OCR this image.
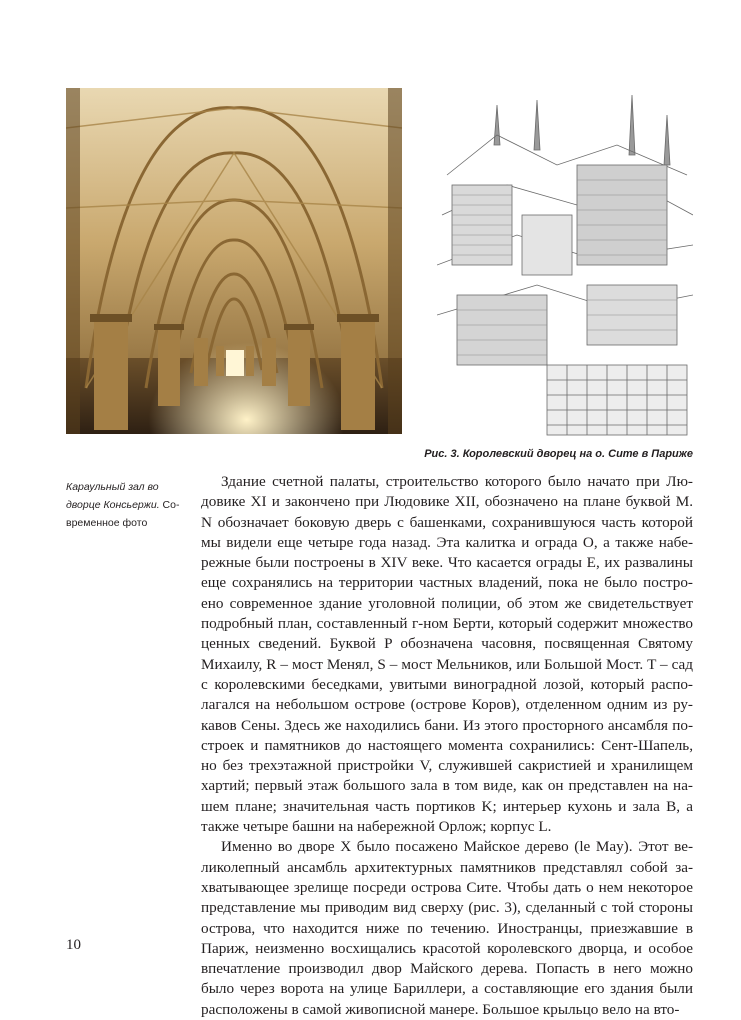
Рис. 3. Королевский дворец на о. Сите в Париже
Караульный зал во
дворце Консьержи. Со-
временное фото
Здание счетной палаты, строительство которого было начато при Лю-
довике XI и закончено при Людовике XII, обозначено на плане буквой M.
N обозначает боковую дверь с башенками, сохранившуюся часть которой
мы видели еще четыре года назад. Эта калитка и ограда O, а также набе-
режные были построены в XIV веке. Что касается ограды E, их развалины
еще сохранялись на территории частных владений, пока не было постро-
ено современное здание уголовной полиции, об этом же свидетельствует
подробный план, составленный г-ном Берти, который содержит множество
ценных сведений. Буквой P обозначена часовня, посвященная Святому
Михаилу, R – мост Менял, S – мост Мельников, или Большой Мост. T – сад
с королевскими беседками, увитыми виноградной лозой, который распо-
лагался на небольшом острове (острове Коров), отделенном одним из ру-
кавов Сены. Здесь же находились бани. Из этого просторного ансамбля по-
строек и памятников до настоящего момента сохранились: Сент-Шапель,
но без трехэтажной пристройки V, служившей сакристией и хранилищем
хартий; первый этаж большого зала в том виде, как он представлен на на-
шем плане; значительная часть портиков K; интерьер кухонь и зала B, а
также четыре башни на набережной Орлож; корпус L.
Именно во дворе X было посажено Майское дерево (le May). Этот ве-
ликолепный ансамбль архитектурных памятников представлял собой за-
хватывающее зрелище посреди острова Сите. Чтобы дать о нем некоторое
представление мы приводим вид сверху (рис. 3), сделанный с той стороны
острова, что находится ниже по течению. Иностранцы, приезжавшие в
Париж, неизменно восхищались красотой королевского дворца, и особое
впечатление производил двор Майского дерева. Попасть в него можно
было через ворота на улице Бариллери, а составляющие его здания были
расположены в самой живописной манере. Большое крыльцо вело на вто-
10
